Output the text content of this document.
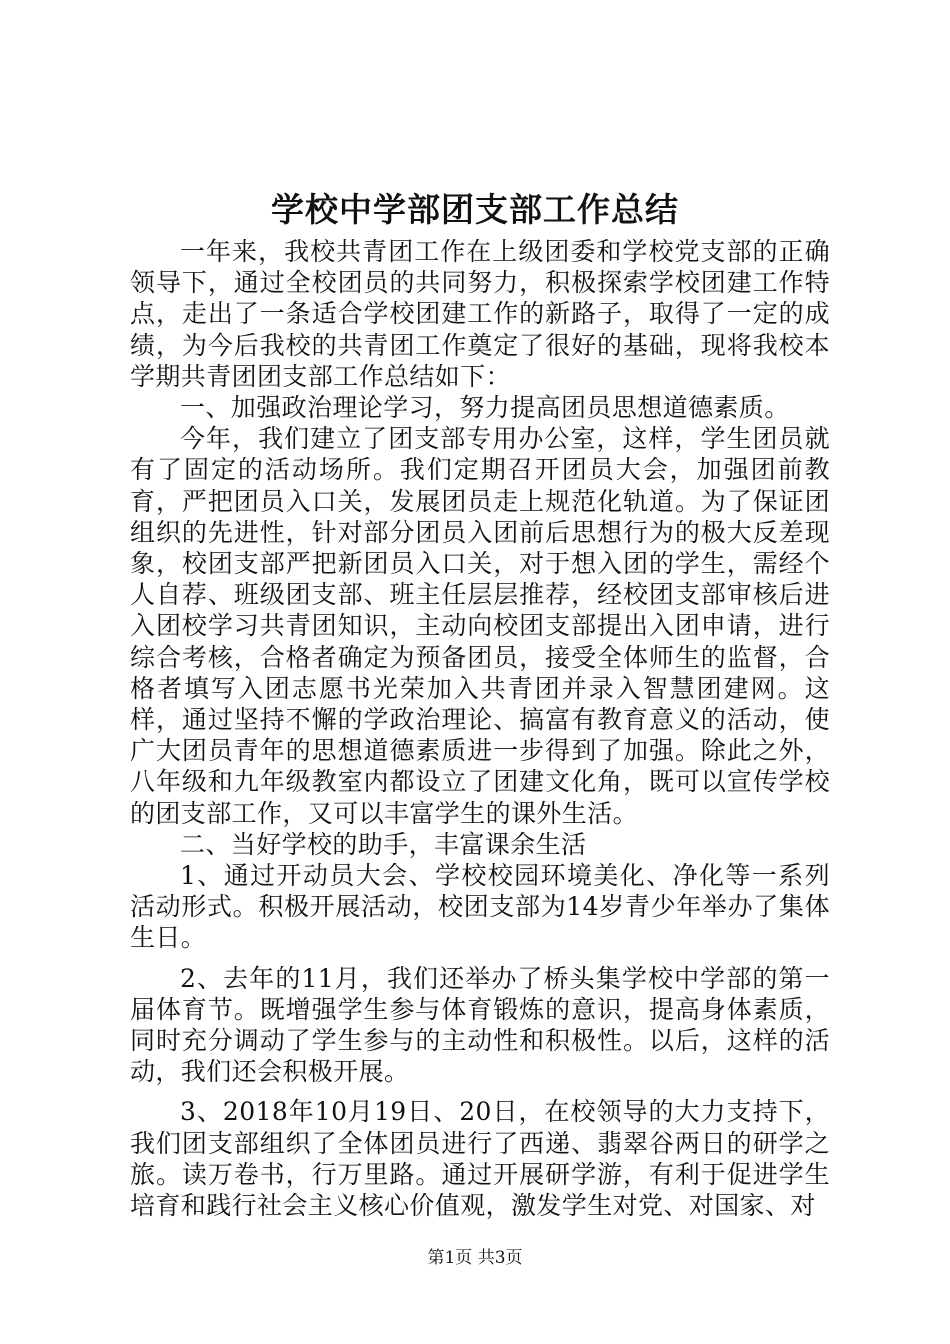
学校中学部团支部工作总结

一年来，我校共青团工作在上级团委和学校党支部的正确领导下，通过全校团员的共同努力，积极探索学校团建工作特点，走出了一条适合学校团建工作的新路子，取得了一定的成绩，为今后我校的共青团工作奠定了很好的基础，现将我校本学期共青团团支部工作总结如下：

一、加强政治理论学习，努力提高团员思想道德素质。

今年，我们建立了团支部专用办公室，这样，学生团员就有了固定的活动场所。我们定期召开团员大会，加强团前教育，严把团员入口关，发展团员走上规范化轨道。为了保证团组织的先进性，针对部分团员入团前后思想行为的极大反差现象，校团支部严把新团员入口关，对于想入团的学生，需经个人自荐、班级团支部、班主任层层推荐，经校团支部审核后进入团校学习共青团知识，主动向校团支部提出入团申请，进行综合考核，合格者确定为预备团员，接受全体师生的监督，合格者填写入团志愿书光荣加入共青团并录入智慧团建网。这样，通过坚持不懈的学政治理论、搞富有教育意义的活动，使广大团员青年的思想道德素质进一步得到了加强。除此之外，八年级和九年级教室内都设立了团建文化角，既可以宣传学校的团支部工作，又可以丰富学生的课外生活。

二、当好学校的助手，丰富课余生活

1、通过开动员大会、学校校园环境美化、净化等一系列活动形式。积极开展活动，校团支部为14岁青少年举办了集体生日。

2、去年的11月，我们还举办了桥头集学校中学部的第一届体育节。既增强学生参与体育锻炼的意识，提高身体素质，同时充分调动了学生参与的主动性和积极性。以后，这样的活动，我们还会积极开展。

3、2018年10月19日、20日，在校领导的大力支持下，我们团支部组织了全体团员进行了西递、翡翠谷两日的研学之旅。读万卷书，行万里路。通过开展研学游，有利于促进学生培育和践行社会主义核心价值观，激发学生对党、对国家、对

第1页 共3页
